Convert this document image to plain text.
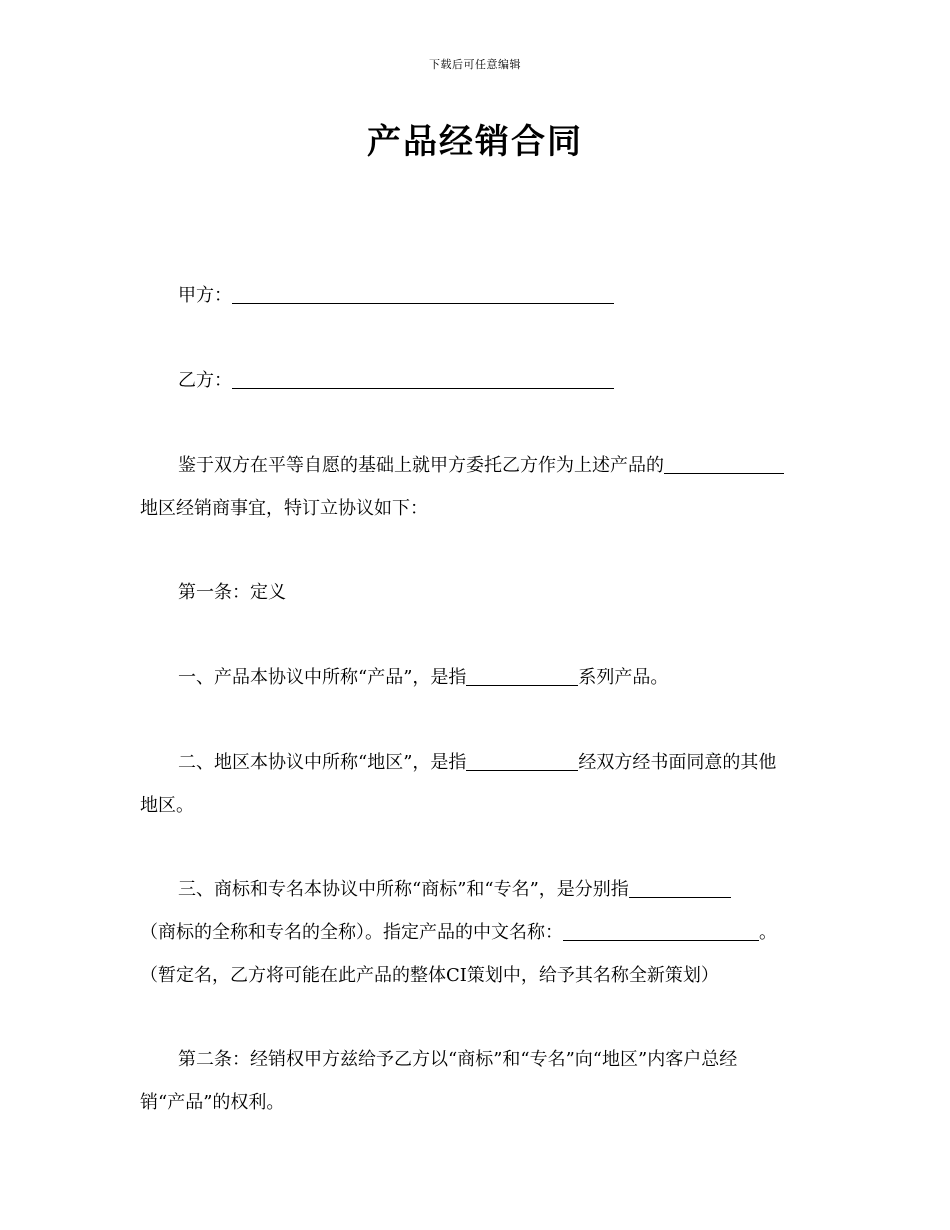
下载后可任意编辑
产品经销合同
甲方：
乙方：
鉴于双方在平等自愿的基础上就甲方委托乙方作为上述产品的
地区经销商事宜，特订立协议如下：
第一条：定义
一、产品本协议中所称“产品”，是指	系列产品。
二、地区本协议中所称“地区”，是指	经双方经书面同意的其他
地区。
三、商标和专名本协议中所称“商标”和“专名”，是分别指
（商标的全称和专名的全称）。指定产品的中文名称：	。
（暂定名，乙方将可能在此产品的整体CI策划中，给予其名称全新策划）
第二条：经销权甲方兹给予乙方以“商标”和“专名”向“地区”内客户总经
销“产品”的权利。
